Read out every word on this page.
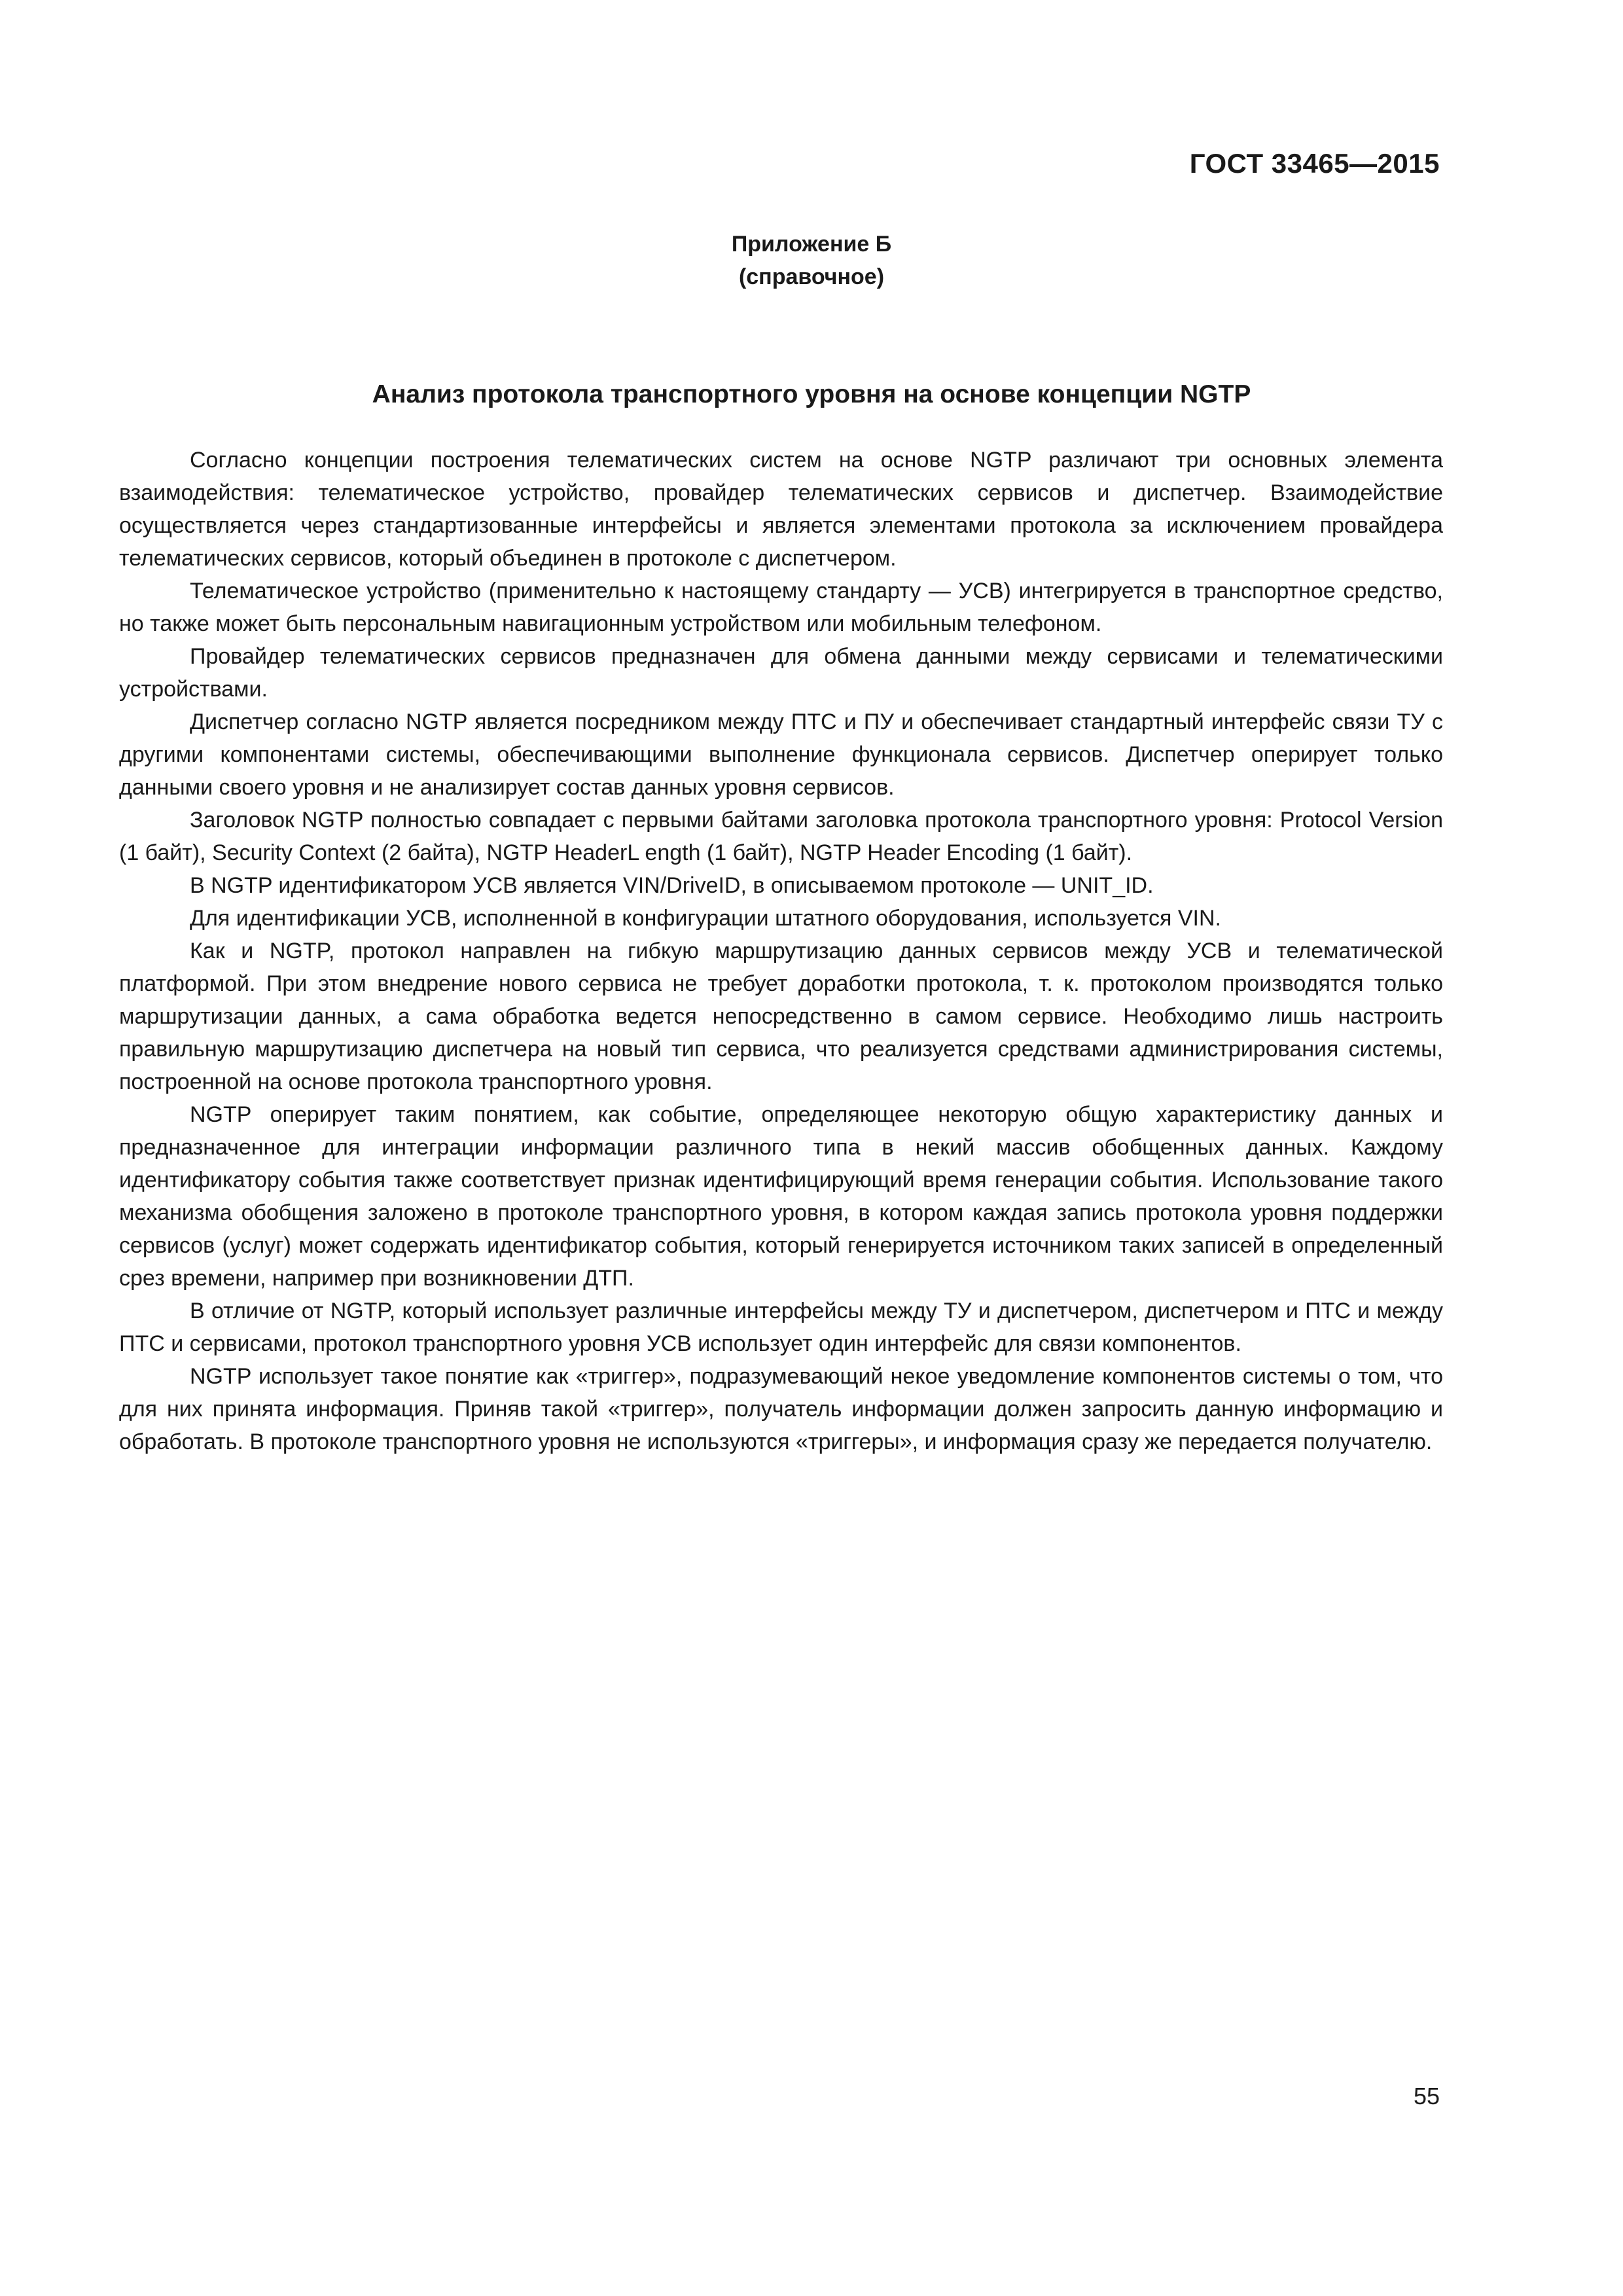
ГОСТ 33465—2015
Приложение Б
(справочное)
Анализ протокола транспортного уровня на основе концепции NGTP

Согласно концепции построения телематических систем на основе NGTP различают три основных элемента взаимодействия: телематическое устройство, провайдер телематических сервисов и диспетчер. Взаимодействие осуществляется через стандартизованные интерфейсы и является элементами протокола за исключением провайдера телематических сервисов, который объединен в протоколе с диспетчером.

Телематическое устройство (применительно к настоящему стандарту — УСВ) интегрируется в транспортное средство, но также может быть персональным навигационным устройством или мобильным телефоном.

Провайдер телематических сервисов предназначен для обмена данными между сервисами и телематическими устройствами.

Диспетчер согласно NGTP является посредником между ПТС и ПУ и обеспечивает стандартный интерфейс связи ТУ с другими компонентами системы, обеспечивающими выполнение функционала сервисов. Диспетчер оперирует только данными своего уровня и не анализирует состав данных уровня сервисов.

Заголовок NGTP полностью совпадает с первыми байтами заголовка протокола транспортного уровня: Protocol Version (1 байт), Security Context (2 байта), NGTP HeaderL ength (1 байт), NGTP Header Encoding (1 байт).

В NGTP идентификатором УСВ является VIN/DriveID, в описываемом протоколе — UNIT_ID.

Для идентификации УСВ, исполненной в конфигурации штатного оборудования, используется VIN.

Как и NGTP, протокол направлен на гибкую маршрутизацию данных сервисов между УСВ и телематической платформой. При этом внедрение нового сервиса не требует доработки протокола, т. к. протоколом производятся только маршрутизации данных, а сама обработка ведется непосредственно в самом сервисе. Необходимо лишь настроить правильную маршрутизацию диспетчера на новый тип сервиса, что реализуется средствами администрирования системы, построенной на основе протокола транспортного уровня.

NGTP оперирует таким понятием, как событие, определяющее некоторую общую характеристику данных и предназначенное для интеграции информации различного типа в некий массив обобщенных данных. Каждому идентификатору события также соответствует признак идентифицирующий время генерации события. Использование такого механизма обобщения заложено в протоколе транспортного уровня, в котором каждая запись протокола уровня поддержки сервисов (услуг) может содержать идентификатор события, который генерируется источником таких записей в определенный срез времени, например при возникновении ДТП.

В отличие от NGTP, который использует различные интерфейсы между ТУ и диспетчером, диспетчером и ПТС и между ПТС и сервисами, протокол транспортного уровня УСВ использует один интерфейс для связи компонентов.

NGTP использует такое понятие как «триггер», подразумевающий некое уведомление компонентов системы о том, что для них принята информация. Приняв такой «триггер», получатель информации должен запросить данную информацию и обработать. В протоколе транспортного уровня не используются «триггеры», и информация сразу же передается получателю.

55
